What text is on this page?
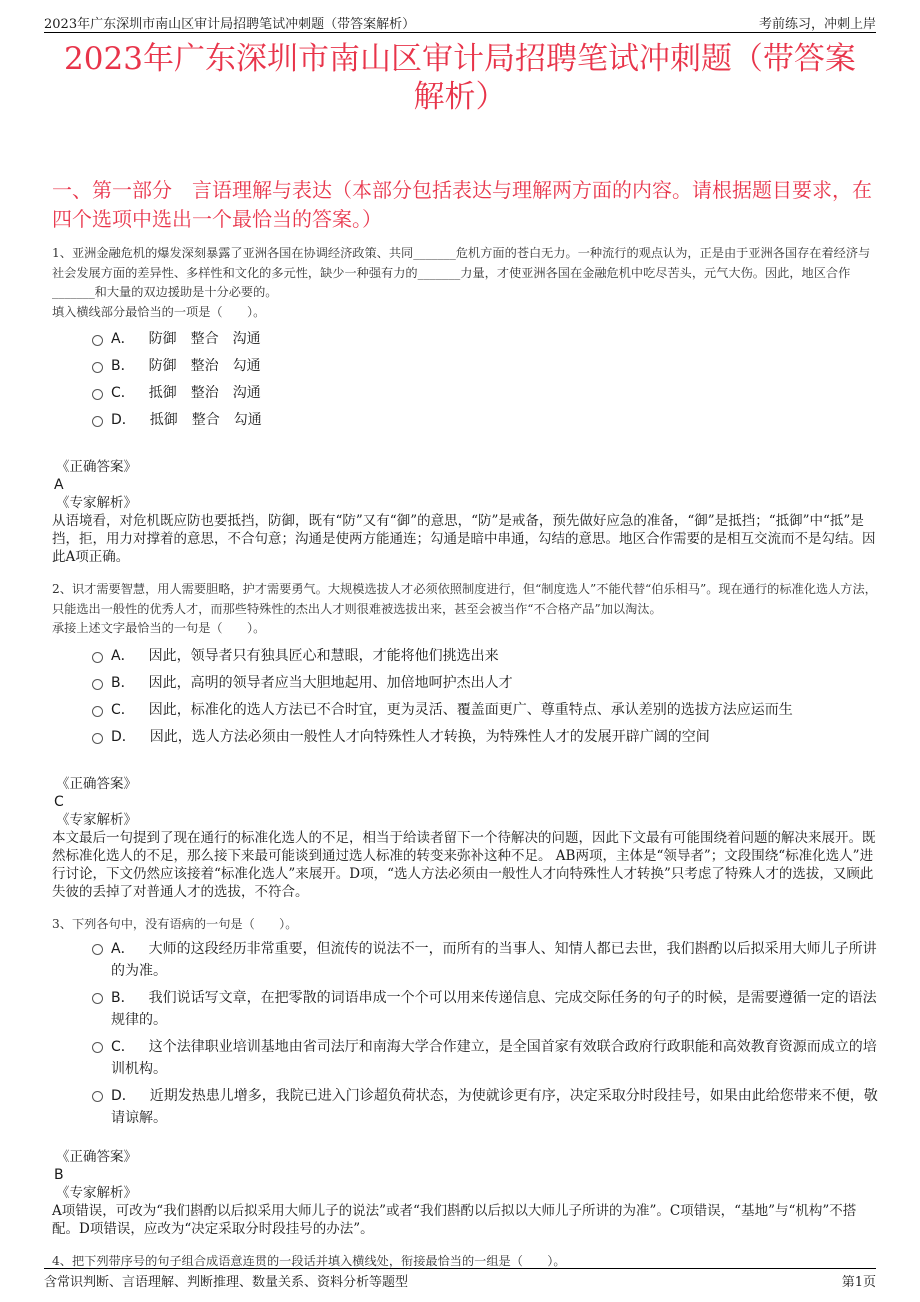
2023年广东深圳市南山区审计局招聘笔试冲刺题（带答案解析）	考前练习，冲刺上岸
2023年广东深圳市南山区审计局招聘笔试冲刺题（带答案解析）
一、第一部分　言语理解与表达（本部分包括表达与理解两方面的内容。请根据题目要求，在四个选项中选出一个最恰当的答案。）
1、亚洲金融危机的爆发深刻暴露了亚洲各国在协调经济政策、共同_______危机方面的苍白无力。一种流行的观点认为，正是由于亚洲各国存在着经济与社会发展方面的差异性、多样性和文化的多元性，缺少一种强有力的_______力量，才使亚洲各国在金融危机中吃尽苦头，元气大伤。因此，地区合作_______和大量的双边援助是十分必要的。
填入横线部分最恰当的一项是（　　）。
A． 防御　整合　沟通
B． 防御　整治　勾通
C． 抵御　整治　沟通
D． 抵御　整合　勾通
《正确答案》
A
《专家解析》
从语境看，对危机既应防也要抵挡，防御，既有“防”又有“御”的意思，“防”是戒备，预先做好应急的准备，“御”是抵挡；“抵御”中“抵”是挡，拒，用力对撑着的意思，不合句意；沟通是使两方能通连；勾通是暗中串通，勾结的意思。地区合作需要的是相互交流而不是勾结。因此A项正确。
2、识才需要智慧，用人需要胆略，护才需要勇气。大规模选拔人才必须依照制度进行，但“制度选人”不能代替“伯乐相马”。现在通行的标准化选人方法，只能选出一般性的优秀人才，而那些特殊性的杰出人才则很难被选拔出来，甚至会被当作“不合格产品”加以淘汰。
承接上述文字最恰当的一句是（　　）。
A． 因此，领导者只有独具匠心和慧眼，才能将他们挑选出来
B． 因此，高明的领导者应当大胆地起用、加倍地呵护杰出人才
C． 因此，标准化的选人方法已不合时宜，更为灵活、覆盖面更广、尊重特点、承认差别的选拔方法应运而生
D． 因此，选人方法必须由一般性人才向特殊性人才转换，为特殊性人才的发展开辟广阔的空间
《正确答案》
C
《专家解析》
本文最后一句提到了现在通行的标准化选人的不足，相当于给读者留下一个待解决的问题，因此下文最有可能围绕着问题的解决来展开。既然标准化选人的不足，那么接下来最可能谈到通过选人标准的转变来弥补这种不足。 AB两项，主体是“领导者”；文段围绕“标准化选人”进行讨论，下文仍然应该接着“标准化选人”来展开。D项，“选人方法必须由一般性人才向特殊性人才转换”只考虑了特殊人才的选拔，又顾此失彼的丢掉了对普通人才的选拔，不符合。
3、下列各句中，没有语病的一句是（　　）。
A． 大师的这段经历非常重要，但流传的说法不一，而所有的当事人、知情人都已去世，我们斟酌以后拟采用大师儿子所讲的为准。
B． 我们说话写文章，在把零散的词语串成一个个可以用来传递信息、完成交际任务的句子的时候，是需要遵循一定的语法规律的。
C． 这个法律职业培训基地由省司法厅和南海大学合作建立，是全国首家有效联合政府行政职能和高效教育资源而成立的培训机构。
D． 近期发热患儿增多，我院已进入门诊超负荷状态，为使就诊更有序，决定采取分时段挂号，如果由此给您带来不便，敬请谅解。
《正确答案》
B
《专家解析》
A项错误，可改为“我们斟酌以后拟采用大师儿子的说法”或者“我们斟酌以后拟以大师儿子所讲的为准”。C项错误，“基地”与“机构”不搭配。D项错误，应改为“决定采取分时段挂号的办法”。
4、把下列带序号的句子组合成语意连贯的一段话并填入横线处，衔接最恰当的一组是（　　）。
含常识判断、言语理解、判断推理、数量关系、资料分析等题型	第1页
